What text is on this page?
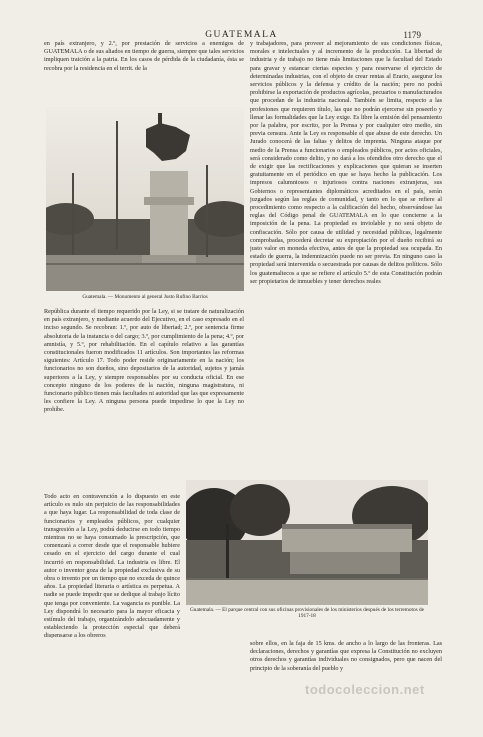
GUATEMALA	1179

en país extranjero, y 2.º, por prestación de servicios a enemigos de GUATEMALA o de sus aliados en tiempo de guerra, siempre que tales servicios impliquen traición a la patria. En los casos de pérdida de la ciudadanía, ésta se recobra por la residencia en el territ. de la

y trabajadores, para proveer al mejoramiento de sus condiciones físicas, morales e intelectuales y al incremento de la producción. La libertad de industria y de trabajo no tiene más limitaciones que la facultad del Estado para gravar y estancar ciertas especies y para reservarse el ejercicio de determinadas industrias, con el objeto de crear rentas al Erario, asegurar los servicios públicos y la defensa y crédito de la nación; pero no podrá prohibirse la exportación de productos agrícolas, pecuarios o manufacturados que procedan de la industria nacional. También se limita, respecto a las profesiones que requieren título, las que no podrán ejercerse sin poseerlo y llenar las formalidades que la Ley exige. Es libre la emisión del pensamiento por la palabra, por escrito, por la Prensa y por cualquier otro medio, sin previa censura. Ante la Ley es responsable el que abuse de este derecho. Un Jurado conocerá de las faltas y delitos de imprenta. Ninguna ataque por medio de la Prensa a funcionarios o empleados públicos, por actos oficiales, será considerado como delito, y no dará a los ofendidos otro derecho que el de exigir que las rectificaciones y explicaciones que quieran se inserten gratuitamente en el periódico en que se haya hecho la publicación. Los impresos calumniosos o injuriosos contra naciones extranjeras, sus Gobiernos o representantes diplomáticos acreditados en el país, serán juzgados según las reglas de comunidad, y tanto en lo que se refiere al procedimiento como respecto a la calificación del hecho, observándose las reglas del Código penal de GUATEMALA en lo que concierne a la imposición de la pena. La propiedad es inviolable y no será objeto de confiscación. Sólo por causa de utilidad y necesidad públicas, legalmente comprobadas, procederá decretar su expropiación por el dueño recibirá su justo valor en moneda efectiva, antes de que la propiedad sea ocupada. En estado de guerra, la indemnización puede no ser previa. En ninguno caso la propiedad será intervenida o secuestrada por causas de delitos políticos. Sólo los guatemaltecos a que se refiere el artículo 5.º de esta Constitución podrán ser propietarios de inmuebles y tener derechos reales

Guatemala. — Monumento al general Justo Rufino Barrios

República durante el tiempo requerido por la Ley, si se tratare de naturalización en país extranjero, y mediante acuerdo del Ejecutivo, en el caso expresado en el inciso segundo. Se recobran: 1.º, por auto de libertad; 2.º, por sentencia firme absolutoria de la instancia o del cargo; 3.º, por cumplimiento de la pena; 4.º, por amnistía, y 5.º, por rehabilitación. En el capítulo relativo a las garantías constitucionales fueron modificados 11 artículos. Son importantes las reformas siguientes: Artículo 17. Todo poder reside originariamente en la nación; los funcionarios no son dueños, sino depositarios de la autoridad, sujetos y jamás superiores a la Ley, y siempre responsables por su conducta oficial. En ese concepto ninguno de los poderes de la nación, ninguna magistratura, ni funcionario público tienen más facultades ni autoridad que las que expresamente les confiere la Ley. A ninguna persona puede impedirse lo que la Ley no prohíbe.

Todo acto en contravención a lo dispuesto en este artículo es nulo sin perjuicio de las responsabilidades a que haya lugar. La responsabilidad de toda clase de funcionarios y empleados públicos, por cualquier transgresión a la Ley, podrá deducirse en todo tiempo mientras no se haya consumado la prescripción, que comenzará a correr desde que el responsable hubiere cesado en el ejercicio del cargo durante el cual incurrió en responsabilidad. La industria es libre. El autor o inventor goza de la propiedad exclusiva de su obra o invento por un tiempo que no exceda de quince años. La propiedad literaria o artística es perpetua. A nadie se puede impedir que se dedique al trabajo lícito que tenga por conveniente. La vagancia es punible. La Ley dispondrá lo necesario para la mayor eficacia y estímulo del trabajo, organizándolo adecuadamente y estableciendo la protección especial que deberá dispensarse a los obreros

Guatemala. — El parque central con sus oficinas provisionales de los ministerios después de los terremotos de 1917-18

sobre ellos, en la faja de 15 kms. de ancho a lo largo de las fronteras. Las declaraciones, derechos y garantías que expresa la Constitución no excluyen otros derechos y garantías individuales no consignados, pero que nacen del principio de la soberanía del pueblo y

todocoleccion.net
